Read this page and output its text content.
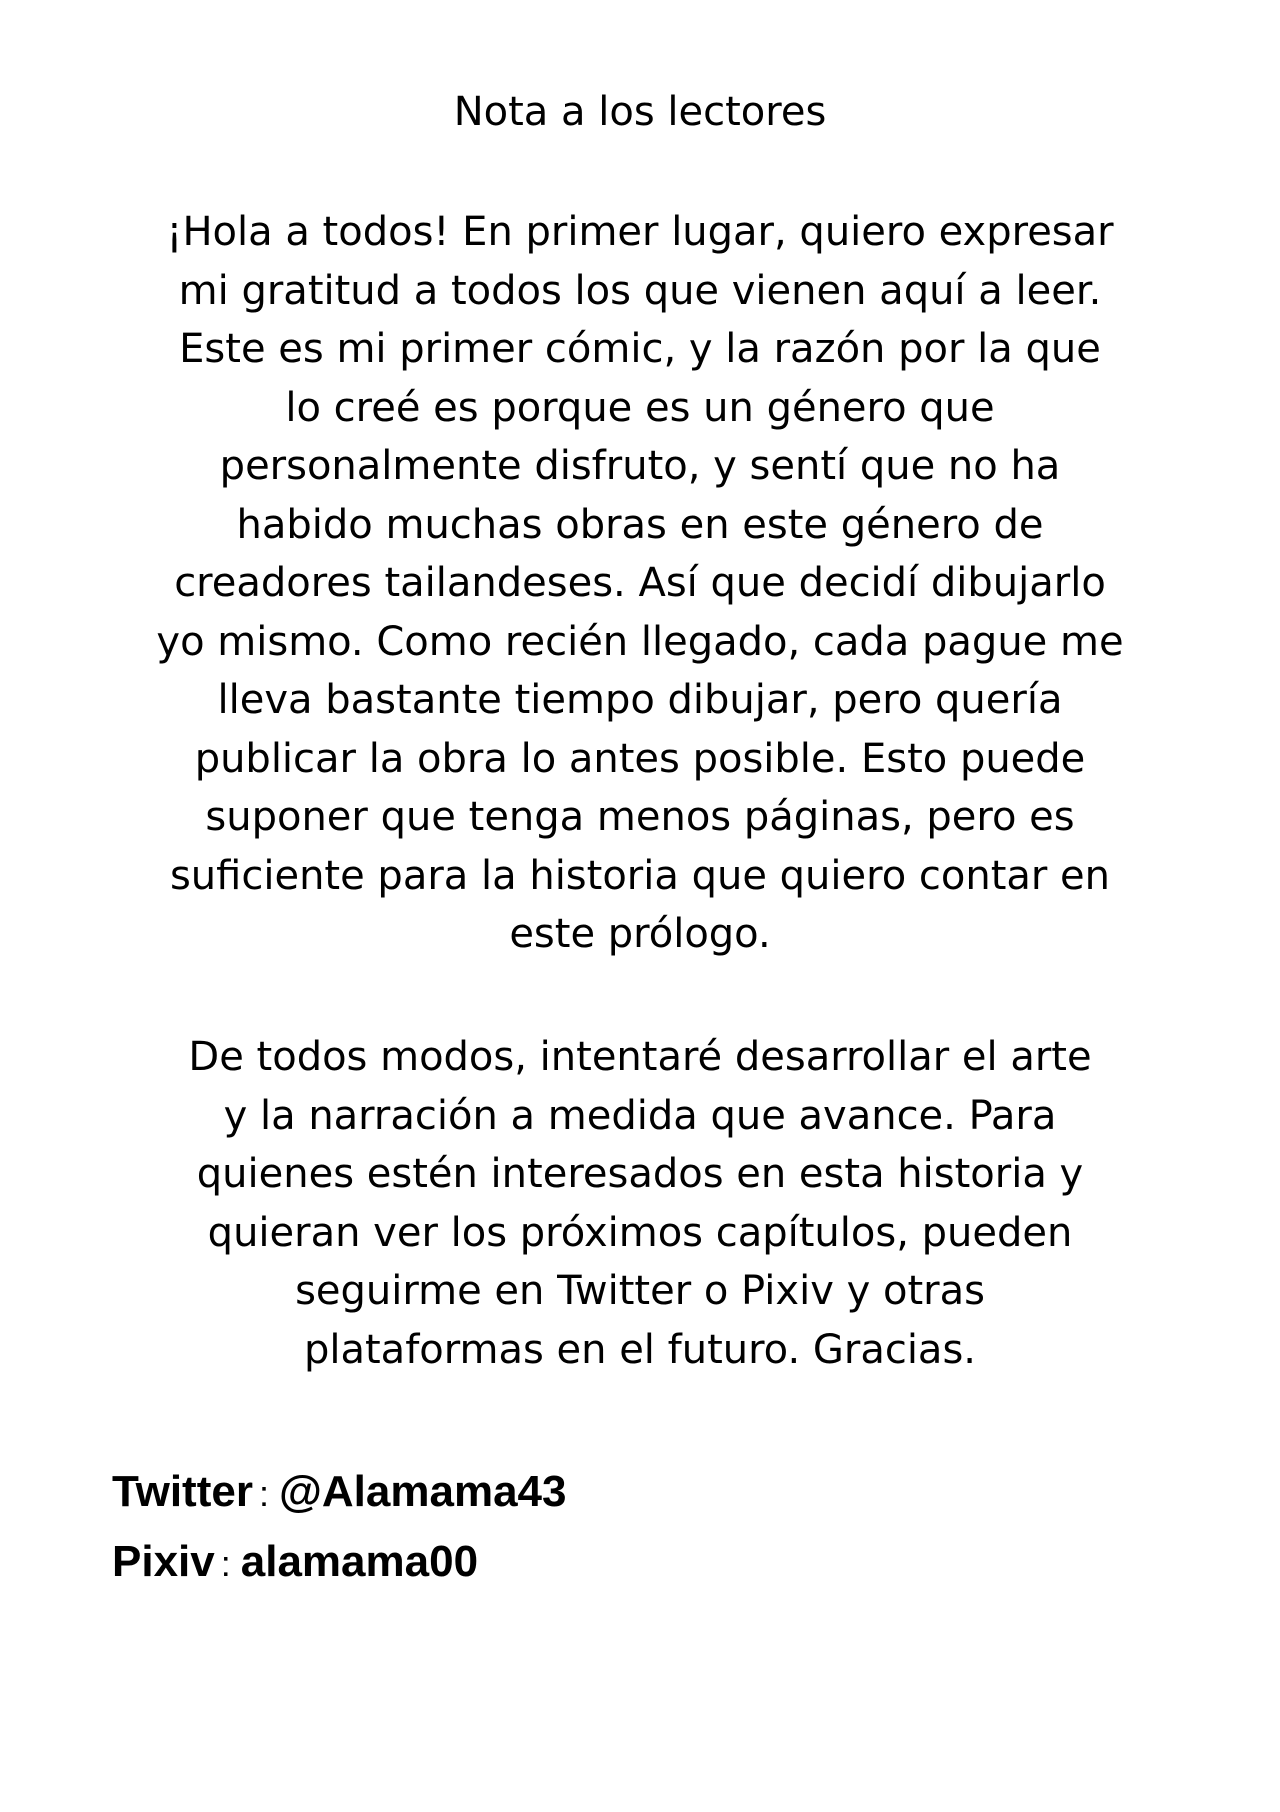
Nota a los lectores
¡Hola a todos! En primer lugar, quiero expresar
mi gratitud a todos los que vienen aquí a leer.
Este es mi primer cómic, y la razón por la que
lo creé es porque es un género que
personalmente disfruto, y sentí que no ha
habido muchas obras en este género de
creadores tailandeses. Así que decidí dibujarlo
yo mismo. Como recién llegado, cada pague me
lleva bastante tiempo dibujar, pero quería
publicar la obra lo antes posible. Esto puede
suponer que tenga menos páginas, pero es
suficiente para la historia que quiero contar en
este prólogo.
De todos modos, intentaré desarrollar el arte
y la narración a medida que avance. Para
quienes estén interesados en esta historia y
quieran ver los próximos capítulos, pueden
seguirme en Twitter o Pixiv y otras
plataformas en el futuro. Gracias.
Twitter : @Alamama43
Pixiv : alamama00
